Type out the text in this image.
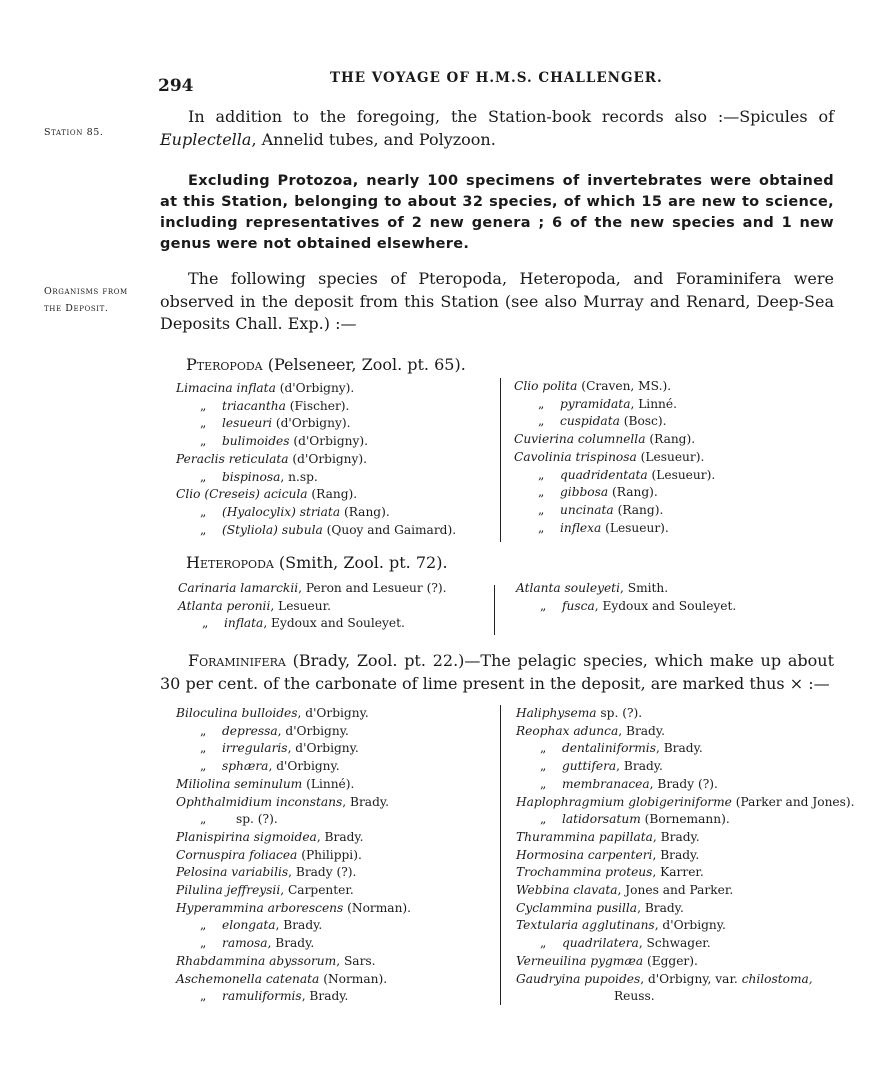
294	THE VOYAGE OF H.M.S. CHALLENGER.
Station 85.
Organisms from
the Deposit.
In addition to the foregoing, the Station-book records also :—Spicules of Euplectella, Annelid tubes, and Polyzoon.
Excluding Protozoa, nearly 100 specimens of invertebrates were obtained at this Station, belonging to about 32 species, of which 15 are new to science, including representatives of 2 new genera ; 6 of the new species and 1 new genus were not obtained elsewhere.
The following species of Pteropoda, Heteropoda, and Foraminifera were observed in the deposit from this Station (see also Murray and Renard, Deep-Sea Deposits Chall. Exp.) :—
Pteropoda (Pelseneer, Zool. pt. 65).
Limacina inflata (d'Orbigny).
„ triacantha (Fischer).
„ lesueuri (d'Orbigny).
„ bulimoides (d'Orbigny).
Peraclis reticulata (d'Orbigny).
„ bispinosa, n.sp.
Clio (Creseis) acicula (Rang).
„ (Hyalocylix) striata (Rang).
„ (Styliola) subula (Quoy and Gaimard).
Clio polita (Craven, MS.).
„ pyramidata, Linné.
„ cuspidata (Bosc).
Cuvierina columnella (Rang).
Cavolinia trispinosa (Lesueur).
„ quadridentata (Lesueur).
„ gibbosa (Rang).
„ uncinata (Rang).
„ inflexa (Lesueur).
Heteropoda (Smith, Zool. pt. 72).
Carinaria lamarckii, Peron and Lesueur (?).
Atlanta peronii, Lesueur.
„ inflata, Eydoux and Souleyet.
Atlanta souleyeti, Smith.
„ fusca, Eydoux and Souleyet.
Foraminifera (Brady, Zool. pt. 22.)—The pelagic species, which make up about 30 per cent. of the carbonate of lime present in the deposit, are marked thus × :—
Biloculina bulloides, d'Orbigny.
„ depressa, d'Orbigny.
„ irregularis, d'Orbigny.
„ sphæra, d'Orbigny.
Miliolina seminulum (Linné).
Ophthalmidium inconstans, Brady.
„ sp. (?).
Planispirina sigmoidea, Brady.
Cornuspira foliacea (Philippi).
Pelosina variabilis, Brady (?).
Pilulina jeffreysii, Carpenter.
Hyperammina arborescens (Norman).
„ elongata, Brady.
„ ramosa, Brady.
Rhabdammina abyssorum, Sars.
Aschemonella catenata (Norman).
„ ramuliformis, Brady.
Haliphysema sp. (?).
Reophax adunca, Brady.
„ dentaliniformis, Brady.
„ guttifera, Brady.
„ membranacea, Brady (?).
Haplophragmium globigeriniforme (Parker and Jones).
„ latidorsatum (Bornemann).
Thurammina papillata, Brady.
Hormosina carpenteri, Brady.
Trochammina proteus, Karrer.
Webbina clavata, Jones and Parker.
Cyclammina pusilla, Brady.
Textularia agglutinans, d'Orbigny.
„ quadrilatera, Schwager.
Verneuilina pygmæa (Egger).
Gaudryina pupoides, d'Orbigny, var. chilostoma,
Reuss.
